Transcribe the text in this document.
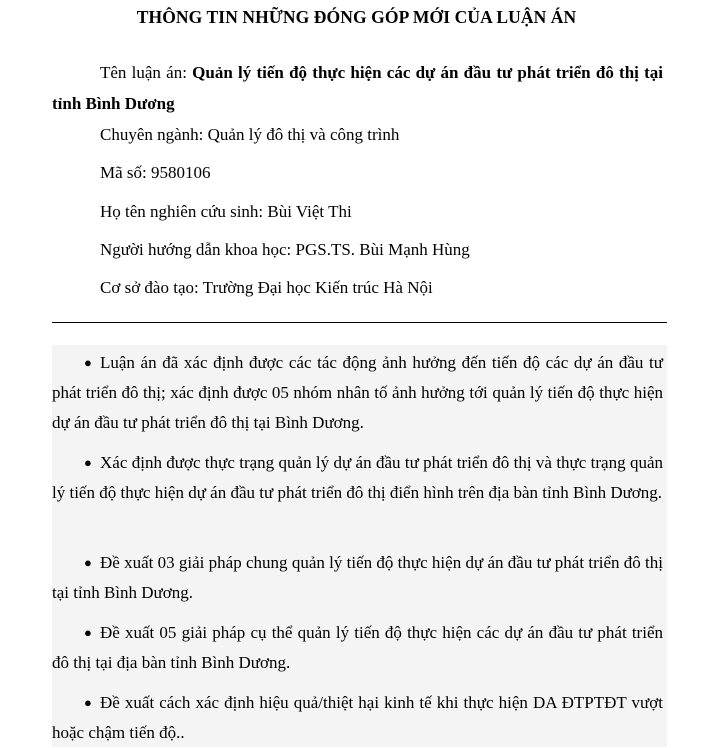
THÔNG TIN NHỮNG ĐÓNG GÓP MỚI CỦA LUẬN ÁN

Tên luận án: Quản lý tiến độ thực hiện các dự án đầu tư phát triển đô thị tại tỉnh Bình Dương

Chuyên ngành: Quản lý đô thị và công trình

Mã số: 9580106

Họ tên nghiên cứu sinh: Bùi Việt Thi

Người hướng dẫn khoa học: PGS.TS. Bùi Mạnh Hùng

Cơ sở đào tạo: Trường Đại học Kiến trúc Hà Nội

● Luận án đã xác định được các tác động ảnh hưởng đến tiến độ các dự án đầu tư phát triển đô thị; xác định được 05 nhóm nhân tố ảnh hưởng tới quản lý tiến độ thực hiện dự án đầu tư phát triển đô thị tại Bình Dương.

● Xác định được thực trạng quản lý dự án đầu tư phát triển đô thị và thực trạng quản lý tiến độ thực hiện dự án đầu tư phát triển đô thị điển hình trên địa bàn tỉnh Bình Dương.

● Đề xuất 03 giải pháp chung quản lý tiến độ thực hiện dự án đầu tư phát triển đô thị tại tỉnh Bình Dương.

● Đề xuất 05 giải pháp cụ thể quản lý tiến độ thực hiện các dự án đầu tư phát triển đô thị tại địa bàn tỉnh Bình Dương.

● Đề xuất cách xác định hiệu quả/thiệt hại kinh tế khi thực hiện DA ĐTPTĐT vượt hoặc chậm tiến độ..
